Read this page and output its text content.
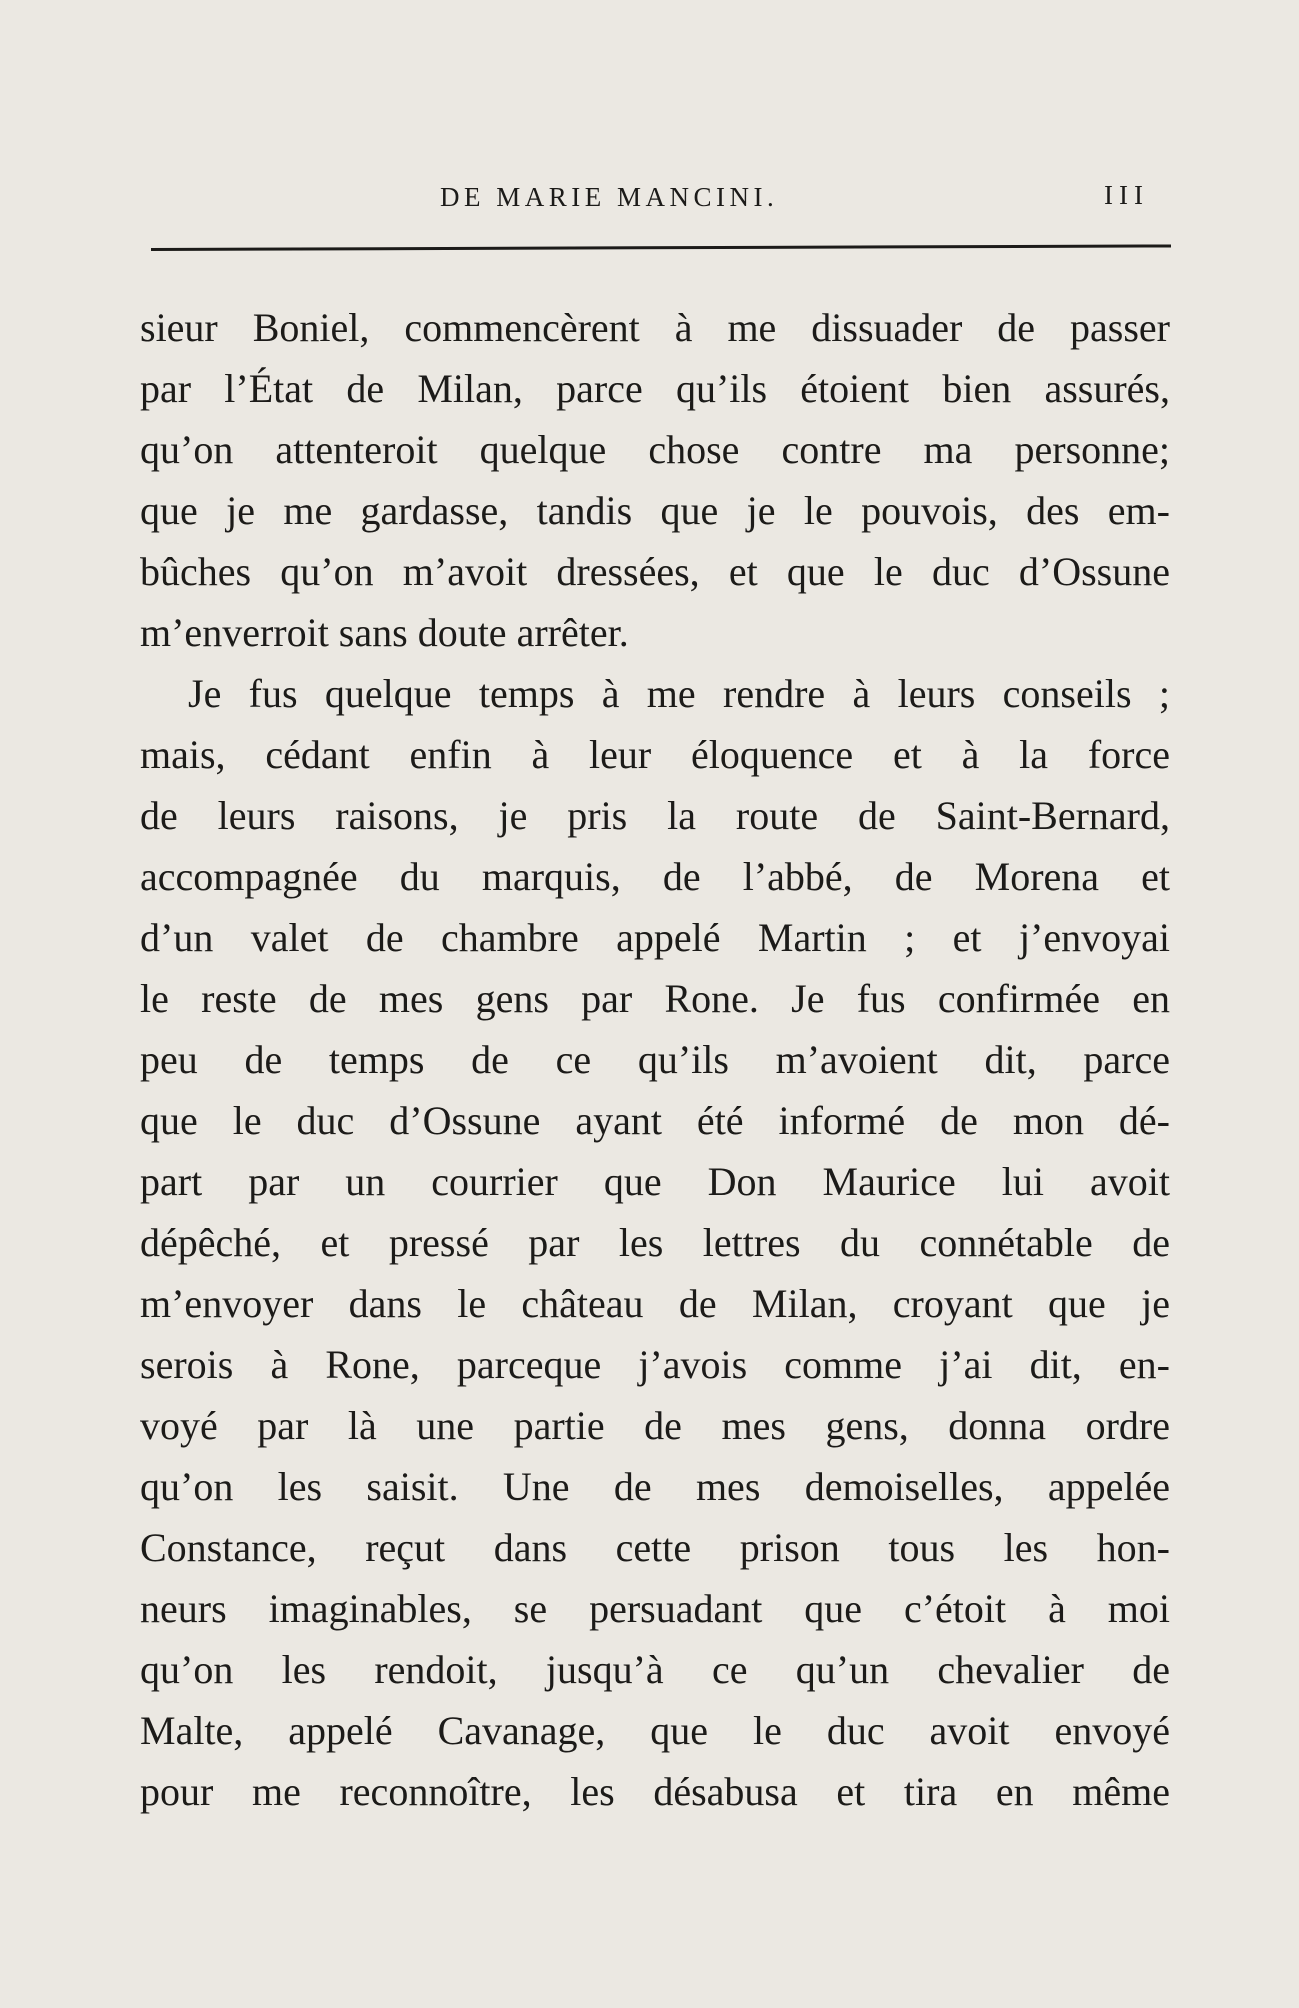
DE MARIE MANCINI.	III
sieur Boniel, commencèrent à me dissuader de passer
par l’État de Milan, parce qu’ils étoient bien assurés,
qu’on attenteroit quelque chose contre ma personne;
que je me gardasse, tandis que je le pouvois, des em-
bûches qu’on m’avoit dressées, et que le duc d’Ossune
m’enverroit sans doute arrêter.
Je fus quelque temps à me rendre à leurs conseils ;
mais, cédant enfin à leur éloquence et à la force
de leurs raisons, je pris la route de Saint-Bernard,
accompagnée du marquis, de l’abbé, de Morena et
d’un valet de chambre appelé Martin ; et j’envoyai
le reste de mes gens par Rone. Je fus confirmée en
peu de temps de ce qu’ils m’avoient dit, parce
que le duc d’Ossune ayant été informé de mon dé-
part par un courrier que Don Maurice lui avoit
dépêché, et pressé par les lettres du connétable de
m’envoyer dans le château de Milan, croyant que je
serois à Rone, parceque j’avois comme j’ai dit, en-
voyé par là une partie de mes gens, donna ordre
qu’on les saisit. Une de mes demoiselles, appelée
Constance, reçut dans cette prison tous les hon-
neurs imaginables, se persuadant que c’étoit à moi
qu’on les rendoit, jusqu’à ce qu’un chevalier de
Malte, appelé Cavanage, que le duc avoit envoyé
pour me reconnoître, les désabusa et tira en même
